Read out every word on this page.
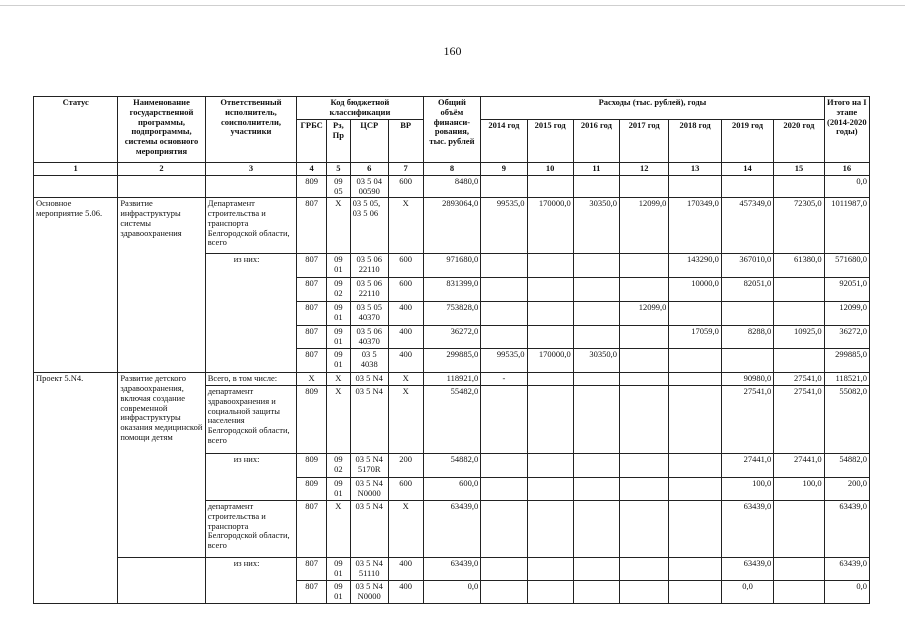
160
Статус	Наименование государственной программы, подпрограммы, системы основного мероприятия	Ответственный исполнитель, соисполнители, участники	Код бюджетной классификации				Общий объём финанси-рования, тыс. рублей	Расходы (тыс. рублей), годы							Итого на I этапе (2014-2020 годы)
			ГРБС	Рз, Пр	ЦСР	ВР		2014 год	2015 год	2016 год	2017 год	2018 год	2019 год	2020 год	
1	2	3	4	5	6	7	8	9	10	11	12	13	14	15	16
			809	09 05	03 5 04 00590	600	8480,0								0,0
Основное мероприятие 5.06.	Развитие инфраструктуры системы здравоохранения	Департамент строительства и транспорта Белгородской области, всего	807	X	03 5 05, 03 5 06	X	2893064,0	99535,0	170000,0	30350,0	12099,0	170349,0	457349,0	72305,0	1011987,0
		из них:	807	09 01	03 5 06 22110	600	971680,0					143290,0	367010,0	61380,0	571680,0
			807	09 02	03 5 06 22110	600	831399,0					10000,0	82051,0		92051,0
			807	09 01	03 5 05 40370	400	753828,0				12099,0				12099,0
			807	09 01	03 5 06 40370	400	36272,0					17059,0	8288,0	10925,0	36272,0
			807	09 01	03 5 4038	400	299885,0	99535,0	170000,0	30350,0					299885,0
Проект 5.N4.	Развитие детского здравоохранения, включая создание современной инфраструктуры оказания медицинской помощи детям	Всего, в том числе:	X	X	03 5 N4	X	118921,0	-					90980,0	27541,0	118521,0
		департамент здравоохранения и социальной защиты населения Белгородской области, всего	809	X	03 5 N4	X	55482,0						27541,0	27541,0	55082,0
		из них:	809	09 02	03 5 N4 5170R	200	54882,0						27441,0	27441,0	54882,0
			809	09 01	03 5 N4 N0000	600	600,0						100,0	100,0	200,0
		департамент строительства и транспорта Белгородской области, всего	807	X	03 5 N4	X	63439,0						63439,0		63439,0
		из них:	807	09 01	03 5 N4 51110	400	63439,0						63439,0		63439,0
			807	09 01	03 5 N4 N0000	400	0,0						0,0		0,0
